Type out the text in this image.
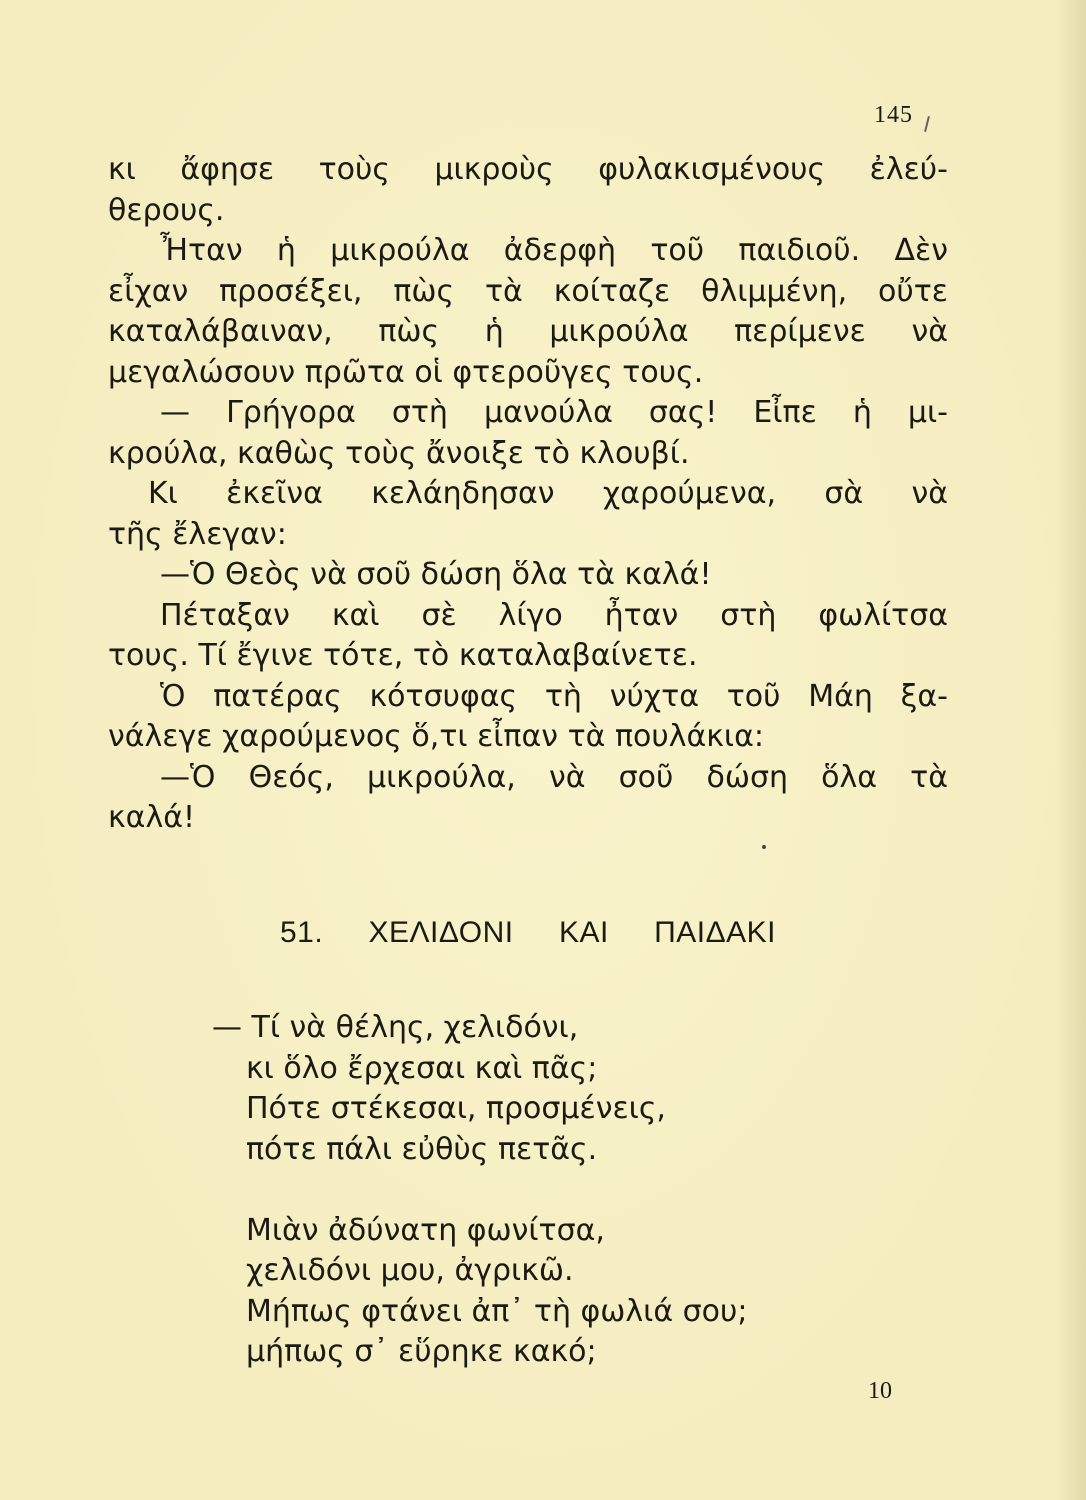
145
κι ἄφησε τοὺς μικροὺς φυλακισμένους ἐλεύ-
θερους.
Ἦταν ἡ μικρούλα ἀδερφὴ τοῦ παιδιοῦ. Δὲν
εἶχαν προσέξει, πὼς τὰ κοίταζε θλιμμένη, οὔτε
καταλάβαιναν, πὼς ἡ μικρούλα περίμενε νὰ
μεγαλώσουν πρῶτα οἱ φτεροῦγες τους.
— Γρήγορα στὴ μανούλα σας! Εἶπε ἡ μι-
κρούλα, καθὼς τοὺς ἄνοιξε τὸ κλουβί.
Κι ἐκεῖνα κελάηδησαν χαρούμενα, σὰ νὰ
τῆς ἔλεγαν:
—Ὁ Θεὸς νὰ σοῦ δώση ὅλα τὰ καλά!
Πέταξαν καὶ σὲ λίγο ἦταν στὴ φωλίτσα
τους. Τί ἔγινε τότε, τὸ καταλαβαίνετε.
Ὁ πατέρας κότσυφας τὴ νύχτα τοῦ Μάη ξα-
νάλεγε χαρούμενος ὅ,τι εἶπαν τὰ πουλάκια:
—Ὁ Θεός, μικρούλα, νὰ σοῦ δώση ὅλα τὰ
καλά!
51. ΧΕΛΙΔΟΝΙ ΚΑΙ ΠΑΙΔΑΚΙ
— Τί νὰ θέλης, χελιδόνι,
κι ὅλο ἔρχεσαι καὶ πᾶς;
Πότε στέκεσαι, προσμένεις,
πότε πάλι εὐθὺς πετᾶς.
Μιὰν ἀδύνατη φωνίτσα,
χελιδόνι μου, ἀγρικῶ.
Μήπως φτάνει ἀπ᾿ τὴ φωλιά σου;
μήπως σ᾿ εὕρηκε κακό;
10
